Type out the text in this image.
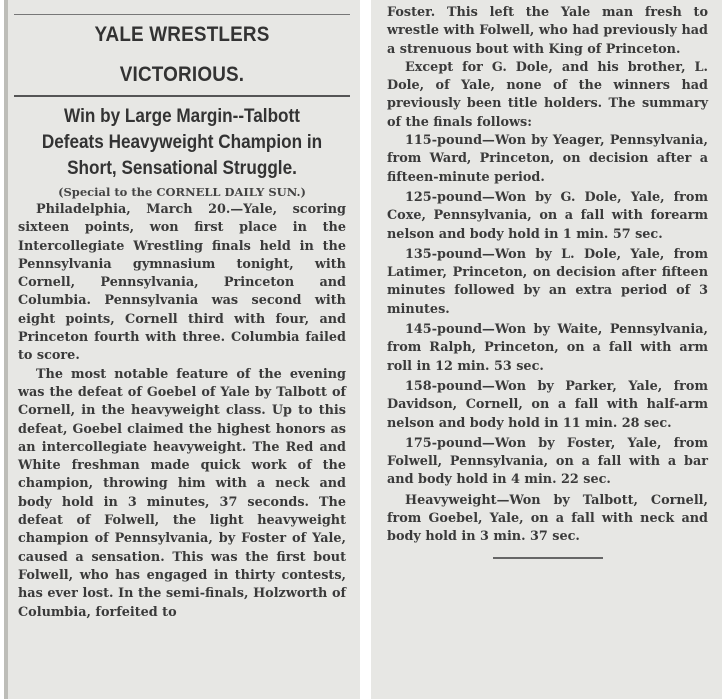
YALE WRESTLERS VICTORIOUS.
Win by Large Margin--Talbott Defeats Heavyweight Champion in Short, Sensational Struggle.

(Special to the CORNELL DAILY SUN.)

Philadelphia, March 20.—Yale, scoring sixteen points, won first place in the Intercollegiate Wrestling finals held in the Pennsylvania gymnasium tonight, with Cornell, Pennsylvania, Princeton and Columbia. Pennsylvania was second with eight points, Cornell third with four, and Princeton fourth with three. Columbia failed to score.

The most notable feature of the evening was the defeat of Goebel of Yale by Talbott of Cornell, in the heavyweight class. Up to this defeat, Goebel claimed the highest honors as an intercollegiate heavyweight. The Red and White freshman made quick work of the champion, throwing him with a neck and body hold in 3 minutes, 37 seconds. The defeat of Folwell, the light heavyweight champion of Pennsylvania, by Foster of Yale, caused a sensation. This was the first bout Folwell, who has engaged in thirty contests, has ever lost. In the semi-finals, Holzworth of Columbia, forfeited to

Foster. This left the Yale man fresh to wrestle with Folwell, who had previously had a strenuous bout with King of Princeton.

Except for G. Dole, and his brother, L. Dole, of Yale, none of the winners had previously been title holders. The summary of the finals follows:

115-pound—Won by Yeager, Pennsylvania, from Ward, Princeton, on decision after a fifteen-minute period.

125-pound—Won by G. Dole, Yale, from Coxe, Pennsylvania, on a fall with forearm nelson and body hold in 1 min. 57 sec.

135-pound—Won by L. Dole, Yale, from Latimer, Princeton, on decision after fifteen minutes followed by an extra period of 3 minutes.

145-pound—Won by Waite, Pennsylvania, from Ralph, Princeton, on a fall with arm roll in 12 min. 53 sec.

158-pound—Won by Parker, Yale, from Davidson, Cornell, on a fall with half-arm nelson and body hold in 11 min. 28 sec.

175-pound—Won by Foster, Yale, from Folwell, Pennsylvania, on a fall with a bar and body hold in 4 min. 22 sec.

Heavyweight—Won by Talbott, Cornell, from Goebel, Yale, on a fall with neck and body hold in 3 min. 37 sec.
